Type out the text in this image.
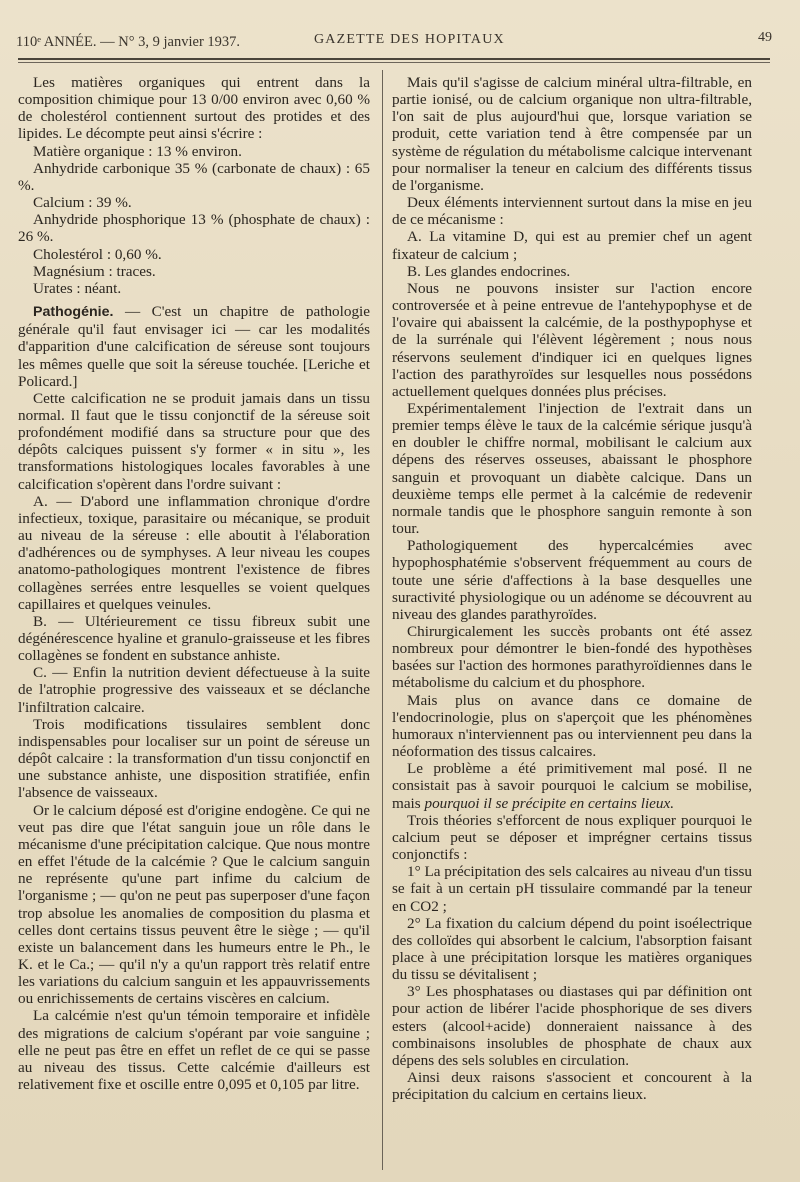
110ᵉ ANNÉE. — N° 3, 9 janvier 1937.	GAZETTE DES HOPITAUX	49

Les matières organiques qui entrent dans la composition chimique pour 13 0/00 environ avec 0,60 % de cholestérol contiennent surtout des protides et des lipides. Le décompte peut ainsi s'écrire :

Matière organique : 13 % environ.

Anhydride carbonique 35 % (carbonate de chaux) : 65 %.

Calcium : 39 %.

Anhydride phosphorique 13 % (phosphate de chaux) : 26 %.

Cholestérol : 0,60 %.

Magnésium : traces.

Urates : néant.

Pathogénie. — C'est un chapitre de pathologie générale qu'il faut envisager ici — car les modalités d'apparition d'une calcification de séreuse sont toujours les mêmes quelle que soit la séreuse touchée. [Leriche et Policard.]

Cette calcification ne se produit jamais dans un tissu normal. Il faut que le tissu conjonctif de la séreuse soit profondément modifié dans sa structure pour que des dépôts calciques puissent s'y former « in situ », les transformations histologiques locales favorables à une calcification s'opèrent dans l'ordre suivant :

A. — D'abord une inflammation chronique d'ordre infectieux, toxique, parasitaire ou mécanique, se produit au niveau de la séreuse : elle aboutit à l'élaboration d'adhérences ou de symphyses. A leur niveau les coupes anatomo-pathologiques montrent l'existence de fibres collagènes serrées entre lesquelles se voient quelques capillaires et quelques veinules.

B. — Ultérieurement ce tissu fibreux subit une dégénérescence hyaline et granulo-graisseuse et les fibres collagènes se fondent en substance anhiste.

C. — Enfin la nutrition devient défectueuse à la suite de l'atrophie progressive des vaisseaux et se déclanche l'infiltration calcaire.

Trois modifications tissulaires semblent donc indispensables pour localiser sur un point de séreuse un dépôt calcaire : la transformation d'un tissu conjonctif en une substance anhiste, une disposition stratifiée, enfin l'absence de vaisseaux.

Or le calcium déposé est d'origine endogène. Ce qui ne veut pas dire que l'état sanguin joue un rôle dans le mécanisme d'une précipitation calcique. Que nous montre en effet l'étude de la calcémie ? Que le calcium sanguin ne représente qu'une part infime du calcium de l'organisme ; — qu'on ne peut pas superposer d'une façon trop absolue les anomalies de composition du plasma et celles dont certains tissus peuvent être le siège ; — qu'il existe un balancement dans les humeurs entre le Ph., le K. et le Ca.; — qu'il n'y a qu'un rapport très relatif entre les variations du calcium sanguin et les appauvrissements ou enrichissements de certains viscères en calcium.

La calcémie n'est qu'un témoin temporaire et infidèle des migrations de calcium s'opérant par voie sanguine ; elle ne peut pas être en effet un reflet de ce qui se passe au niveau des tissus. Cette calcémie d'ailleurs est relativement fixe et oscille entre 0,095 et 0,105 par litre.

Mais qu'il s'agisse de calcium minéral ultra-filtrable, en partie ionisé, ou de calcium organique non ultra-filtrable, l'on sait de plus aujourd'hui que, lorsque variation se produit, cette variation tend à être compensée par un système de régulation du métabolisme calcique intervenant pour normaliser la teneur en calcium des différents tissus de l'organisme.

Deux éléments interviennent surtout dans la mise en jeu de ce mécanisme :

A. La vitamine D, qui est au premier chef un agent fixateur de calcium ;

B. Les glandes endocrines.

Nous ne pouvons insister sur l'action encore controversée et à peine entrevue de l'antehypophyse et de l'ovaire qui abaissent la calcémie, de la posthypophyse et de la surrénale qui l'élèvent légèrement ; nous nous réservons seulement d'indiquer ici en quelques lignes l'action des parathyroïdes sur lesquelles nous possédons actuellement quelques données plus précises.

Expérimentalement l'injection de l'extrait dans un premier temps élève le taux de la calcémie sérique jusqu'à en doubler le chiffre normal, mobilisant le calcium aux dépens des réserves osseuses, abaissant le phosphore sanguin et provoquant un diabète calcique. Dans un deuxième temps elle permet à la calcémie de redevenir normale tandis que le phosphore sanguin remonte à son tour.

Pathologiquement des hypercalcémies avec hypophosphatémie s'observent fréquemment au cours de toute une série d'affections à la base desquelles une suractivité physiologique ou un adénome se découvrent au niveau des glandes parathyroïdes.

Chirurgicalement les succès probants ont été assez nombreux pour démontrer le bien-fondé des hypothèses basées sur l'action des hormones parathyroïdiennes dans le métabolisme du calcium et du phosphore.

Mais plus on avance dans ce domaine de l'endocrinologie, plus on s'aperçoit que les phénomènes humoraux n'interviennent pas ou interviennent peu dans la néoformation des tissus calcaires.

Le problème a été primitivement mal posé. Il ne consistait pas à savoir pourquoi le calcium se mobilise, mais pourquoi il se précipite en certains lieux.

Trois théories s'efforcent de nous expliquer pourquoi le calcium peut se déposer et imprégner certains tissus conjonctifs :

1° La précipitation des sels calcaires au niveau d'un tissu se fait à un certain pH tissulaire commandé par la teneur en CO2 ;

2° La fixation du calcium dépend du point isoélectrique des colloïdes qui absorbent le calcium, l'absorption faisant place à une précipitation lorsque les matières organiques du tissu se dévitalisent ;

3° Les phosphatases ou diastases qui par définition ont pour action de libérer l'acide phosphorique de ses divers esters (alcool+acide) donneraient naissance à des combinaisons insolubles de phosphate de chaux aux dépens des sels solubles en circulation.

Ainsi deux raisons s'associent et concourent à la précipitation du calcium en certains lieux.
